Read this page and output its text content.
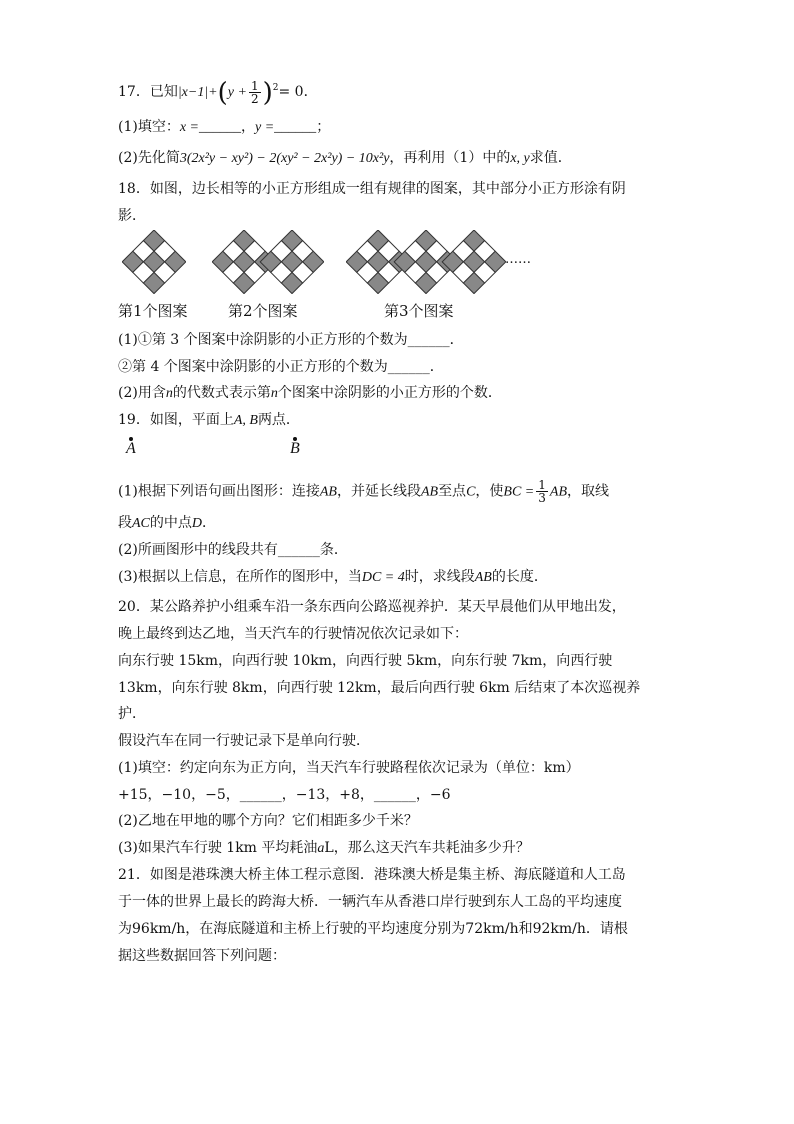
17．已知$|x-1|+(y + \frac{1}{2} )^2= 0$．
(1)填空：x =______，y =______；
(2)先化简3(2x²y − xy²) − 2(xy² − 2x²y) − 10x²y，再利用（1）中的x, y求值．
18．如图，边长相等的小正方形组成一组有规律的图案，其中部分小正方形涂有阴
影．
……
第1个图案	第2个图案	第3个图案
(1)①第 3 个图案中涂阴影的小正方形的个数为______．
②第 4 个图案中涂阴影的小正方形的个数为______．
(2)用含n的代数式表示第n个图案中涂阴影的小正方形的个数．
19．如图，平面上A, B两点．
A	B
(1)根据下列语句画出图形：连接AB，并延长线段AB至点C，使BC = $\frac{1}{3}$ AB，取线
段AC的中点D．
(2)所画图形中的线段共有______条．
(3)根据以上信息，在所作的图形中，当DC = 4时，求线段AB的长度．
20．某公路养护小组乘车沿一条东西向公路巡视养护．某天早晨他们从甲地出发，
晚上最终到达乙地，当天汽车的行驶情况依次记录如下：
向东行驶 15km，向西行驶 10km，向西行驶 5km，向东行驶 7km，向西行驶
13km，向东行驶 8km，向西行驶 12km，最后向西行驶 6km 后结束了本次巡视养
护．
假设汽车在同一行驶记录下是单向行驶．
(1)填空：约定向东为正方向，当天汽车行驶路程依次记录为（单位：km）
+15，−10，−5，______，−13，+8，______，−6
(2)乙地在甲地的哪个方向？它们相距多少千米？
(3)如果汽车行驶 1km 平均耗油aL，那么这天汽车共耗油多少升？
21．如图是港珠澳大桥主体工程示意图．港珠澳大桥是集主桥、海底隧道和人工岛
于一体的世界上最长的跨海大桥．一辆汽车从香港口岸行驶到东人工岛的平均速度
为96km/h，在海底隧道和主桥上行驶的平均速度分别为72km/h和92km/h．请根
据这些数据回答下列问题：
